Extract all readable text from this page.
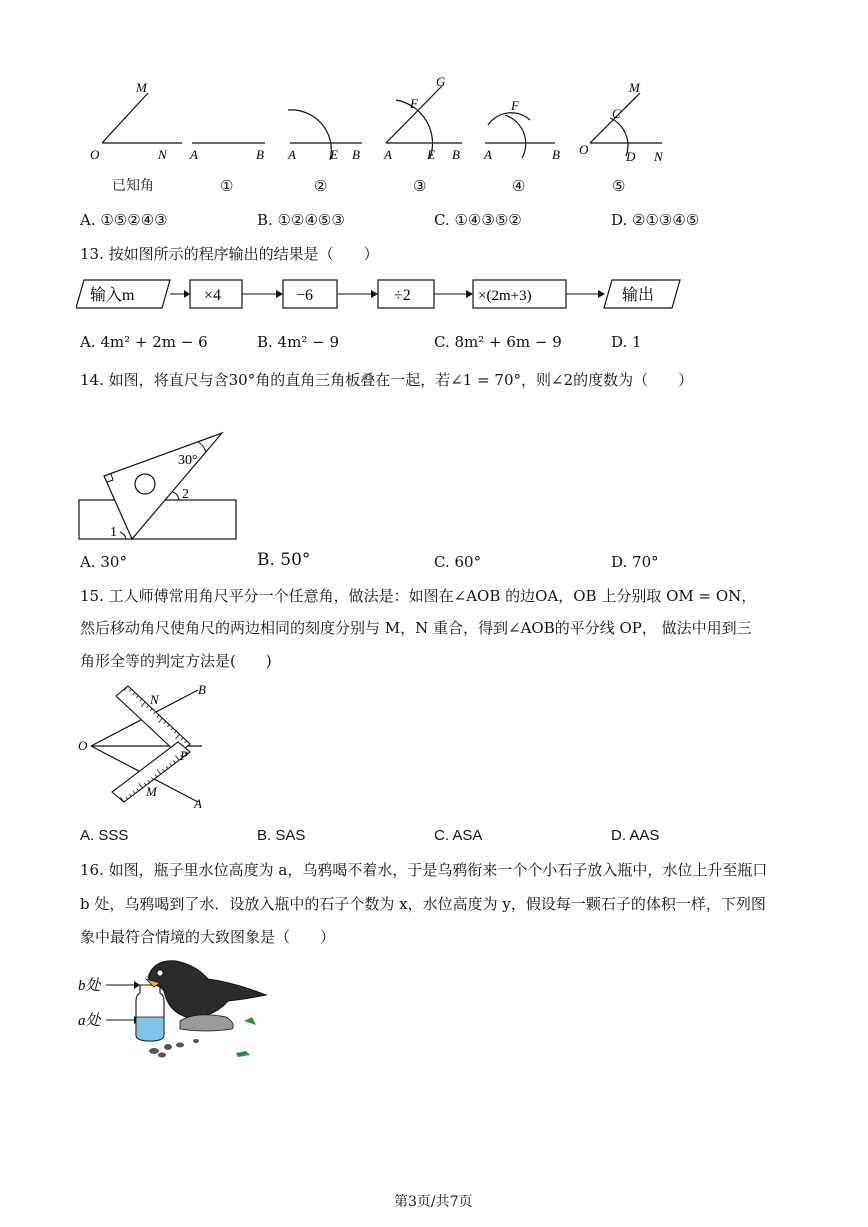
M
O	N A	B A	E B
G
F
A	E B
F
A	B
M
C
O	D N
已知角	①	②	③	④	⑤
A. ①⑤②④③	B. ①②④⑤③	C. ①④③⑤②	D. ②①③④⑤
13. 按如图所示的程序输出的结果是（　　）
输入m	×4	−6	÷2	×(2m+3)	输出
A. 4m² + 2m − 6	B. 4m² − 9	C. 8m² + 6m − 9	D. 1
14. 如图，将直尺与含30°角的直角三角板叠在一起，若∠1 = 70°，则∠2的度数为（　　）
30°
2
1
A. 30°	B. 50°	C. 60°	D. 70°
15. 工人师傅常用角尺平分一个任意角，做法是：如图在∠AOB 的边OA，OB 上分别取 OM = ON，
然后移动角尺使角尺的两边相同的刻度分别与 M，N 重合，得到∠AOB的平分线 OP， 做法中用到三
角形全等的判定方法是(　　)
B
N
O
P
M
A
A. SSS	B. SAS	C. ASA	D. AAS
16. 如图，瓶子里水位高度为 a，乌鸦喝不着水，于是乌鸦衔来一个个小石子放入瓶中，水位上升至瓶口
b 处，乌鸦喝到了水．设放入瓶中的石子个数为 x，水位高度为 y，假设每一颗石子的体积一样，下列图
象中最符合情境的大致图象是（　　）
b处
a处
第3页/共7页
